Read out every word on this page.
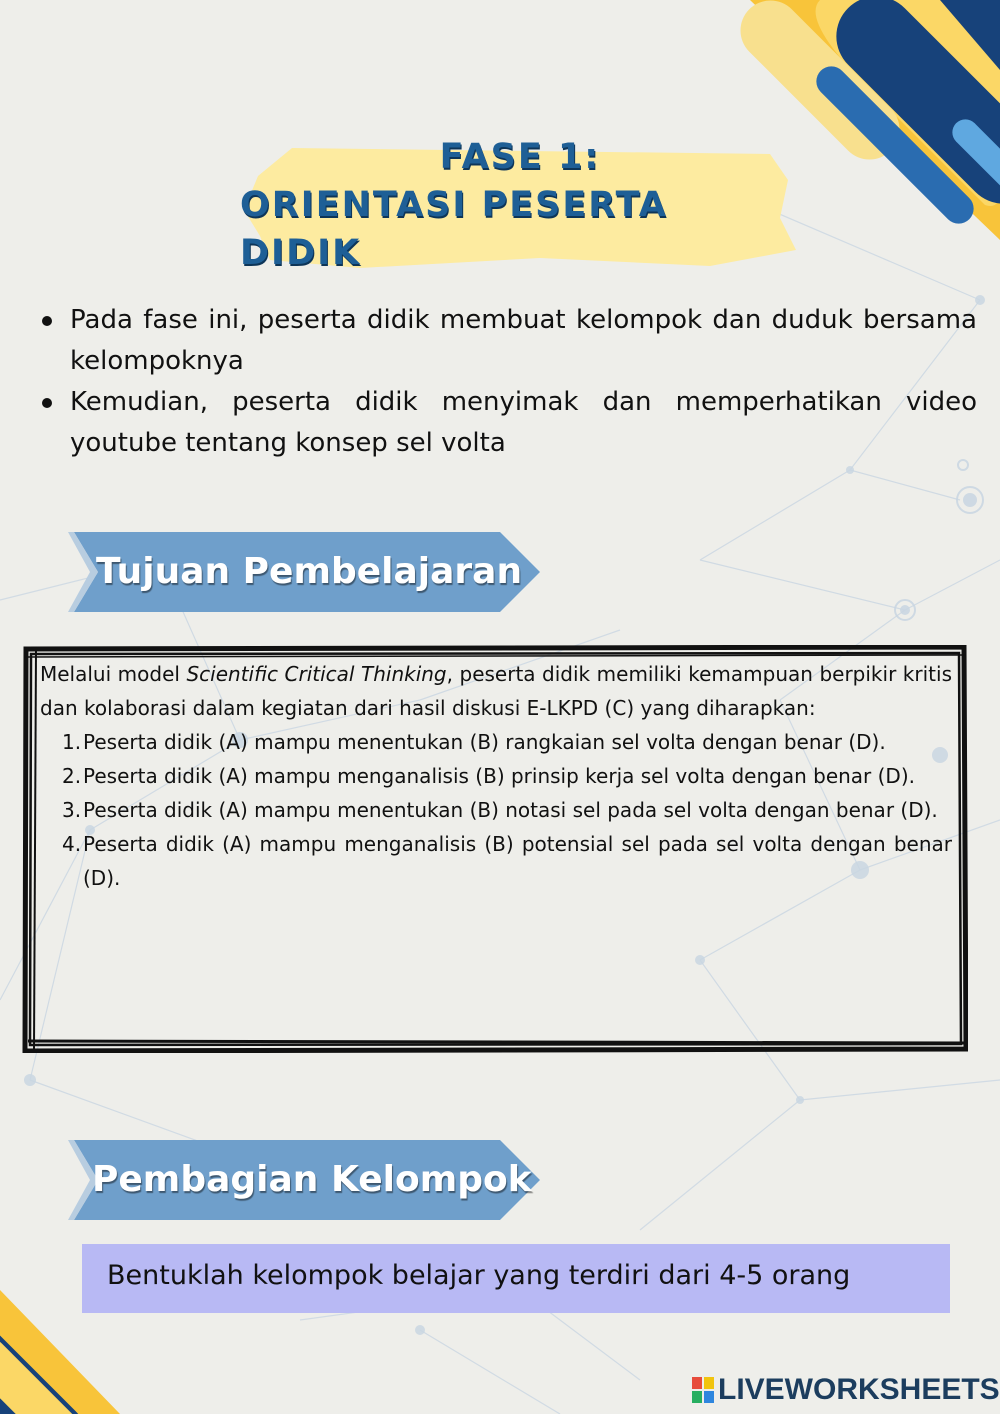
FASE 1:
ORIENTASI PESERTA DIDIK
Pada fase ini, peserta didik membuat kelompok dan duduk bersama kelompoknya
Kemudian, peserta didik menyimak dan memperhatikan video youtube tentang konsep sel volta
Tujuan Pembelajaran
Melalui model Scientific Critical Thinking, peserta didik memiliki kemampuan berpikir kritis dan kolaborasi dalam kegiatan dari hasil diskusi E-LKPD (C) yang diharapkan:
1. Peserta didik (A) mampu menentukan (B) rangkaian sel volta dengan benar (D).
2. Peserta didik (A) mampu menganalisis (B) prinsip kerja sel volta dengan benar (D).
3. Peserta didik (A) mampu menentukan (B) notasi sel pada sel volta dengan benar (D).
4. Peserta didik (A) mampu menganalisis (B) potensial sel pada sel volta dengan benar (D).
Pembagian Kelompok
Bentuklah kelompok belajar yang terdiri dari 4-5 orang
LIVEWORKSHEETS
